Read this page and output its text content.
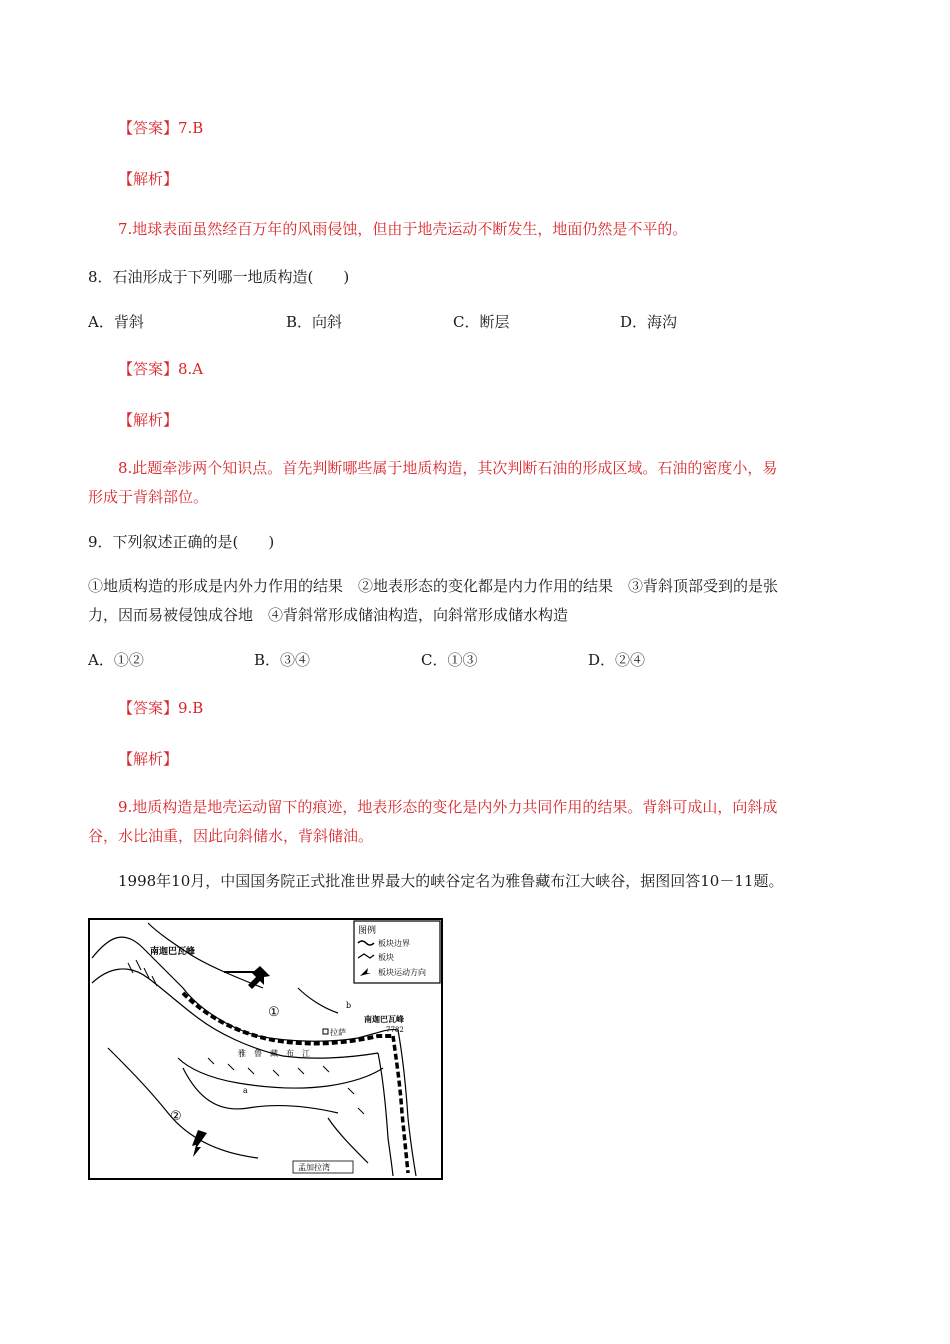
【答案】7.B
【解析】
7.地球表面虽然经百万年的风雨侵蚀，但由于地壳运动不断发生，地面仍然是不平的。
8．石油形成于下列哪一地质构造(　　)
A．背斜	B．向斜	C．断层	D．海沟
【答案】8.A
【解析】
8.此题牵涉两个知识点。首先判断哪些属于地质构造，其次判断石油的形成区域。石油的密度小，易
形成于背斜部位。
9．下列叙述正确的是(　　)
①地质构造的形成是内外力作用的结果　②地表形态的变化都是内力作用的结果　③背斜顶部受到的是张
力，因而易被侵蚀成谷地　④背斜常形成储油构造，向斜常形成储水构造
A．①②	B．③④	C．①③	D．②④
【答案】9.B
【解析】
9.地质构造是地壳运动留下的痕迹，地表形态的变化是内外力共同作用的结果。背斜可成山，向斜成
谷，水比油重，因此向斜储水，背斜储油。
1998年10月，中国国务院正式批准世界最大的峡谷定名为雅鲁藏布江大峡谷，据图回答10－11题。
图例
板块边界
板块
板块运动方向
南迦巴瓦峰
①
②
拉萨
南迦巴瓦峰
7782
雅鲁藏布江
孟加拉湾
a
b
